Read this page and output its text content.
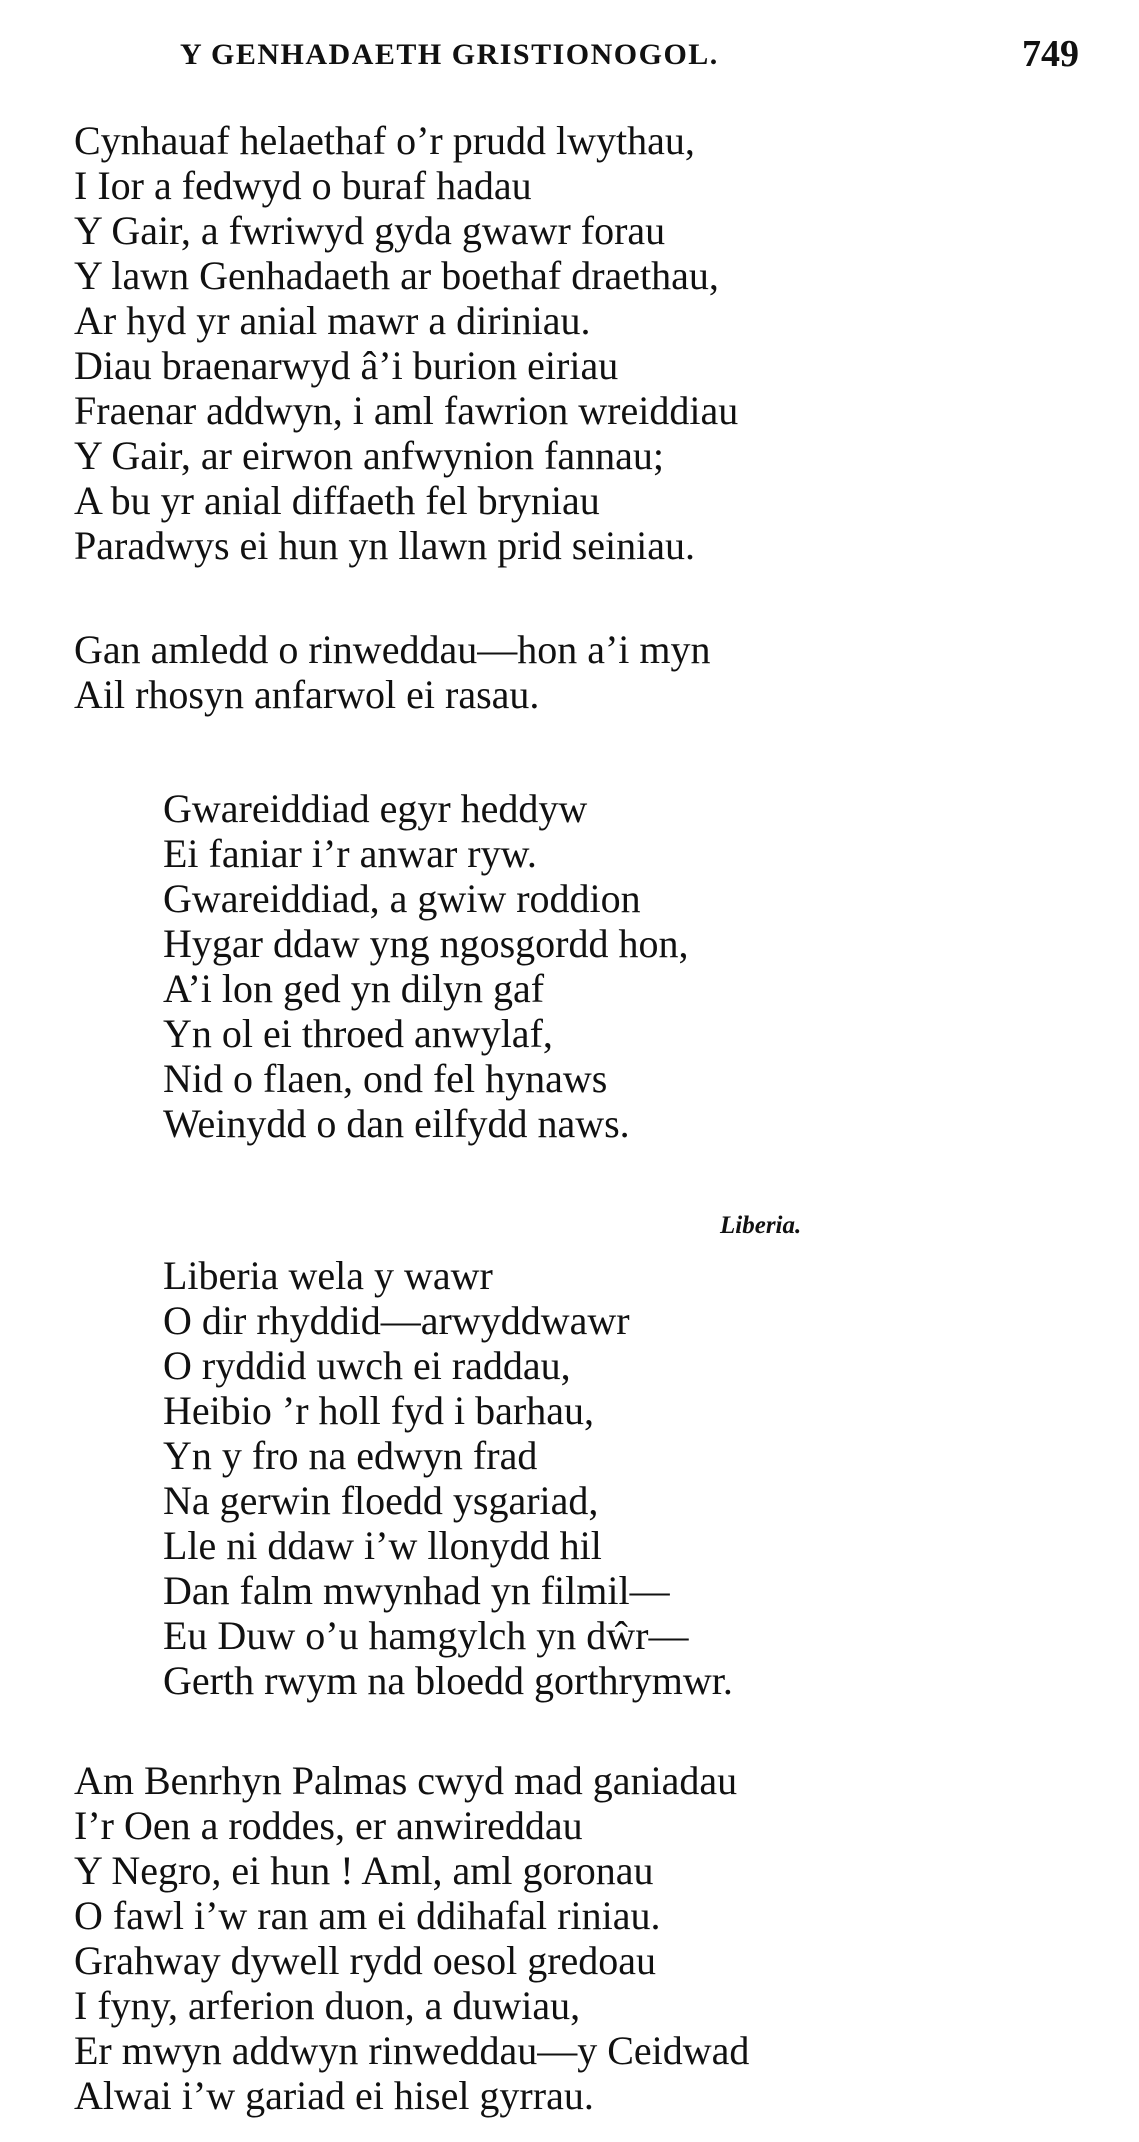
Y GENHADAETH GRISTIONOGOL.	749
Cynhauaf helaethaf o’r prudd lwythau,
I Ior a fedwyd o buraf hadau
Y Gair, a fwriwyd gyda gwawr forau
Y lawn Genhadaeth ar boethaf draethau,
Ar hyd yr anial mawr a diriniau.
Diau braenarwyd â’i burion eiriau
Fraenar addwyn, i aml fawrion wreiddiau
Y Gair, ar eirwon anfwynion fannau;
A bu yr anial diffaeth fel bryniau
Paradwys ei hun yn llawn prid seiniau.
Gan amledd o rinweddau—hon a’i myn
Ail rhosyn anfarwol ei rasau.
Gwareiddiad egyr heddyw
Ei faniar i’r anwar ryw.
Gwareiddiad, a gwiw roddion
Hygar ddaw yng ngosgordd hon,
A’i lon ged yn dilyn gaf
Yn ol ei throed anwylaf,
Nid o flaen, ond fel hynaws
Weinydd o dan eilfydd naws.
Liberia.
Liberia wela y wawr
O dir rhyddid—arwyddwawr
O ryddid uwch ei raddau,
Heibio ’r holl fyd i barhau,
Yn y fro na edwyn frad
Na gerwin floedd ysgariad,
Lle ni ddaw i’w llonydd hil
Dan falm mwynhad yn filmil—
Eu Duw o’u hamgylch yn dŵr—
Gerth rwym na bloedd gorthrymwr.
Am Benrhyn Palmas cwyd mad ganiadau
I’r Oen a roddes, er anwireddau
Y Negro, ei hun ! Aml, aml goronau
O fawl i’w ran am ei ddihafal riniau.
Grahway dywell rydd oesol gredoau
I fyny, arferion duon, a duwiau,
Er mwyn addwyn rinweddau—y Ceidwad
Alwai i’w gariad ei hisel gyrrau.
